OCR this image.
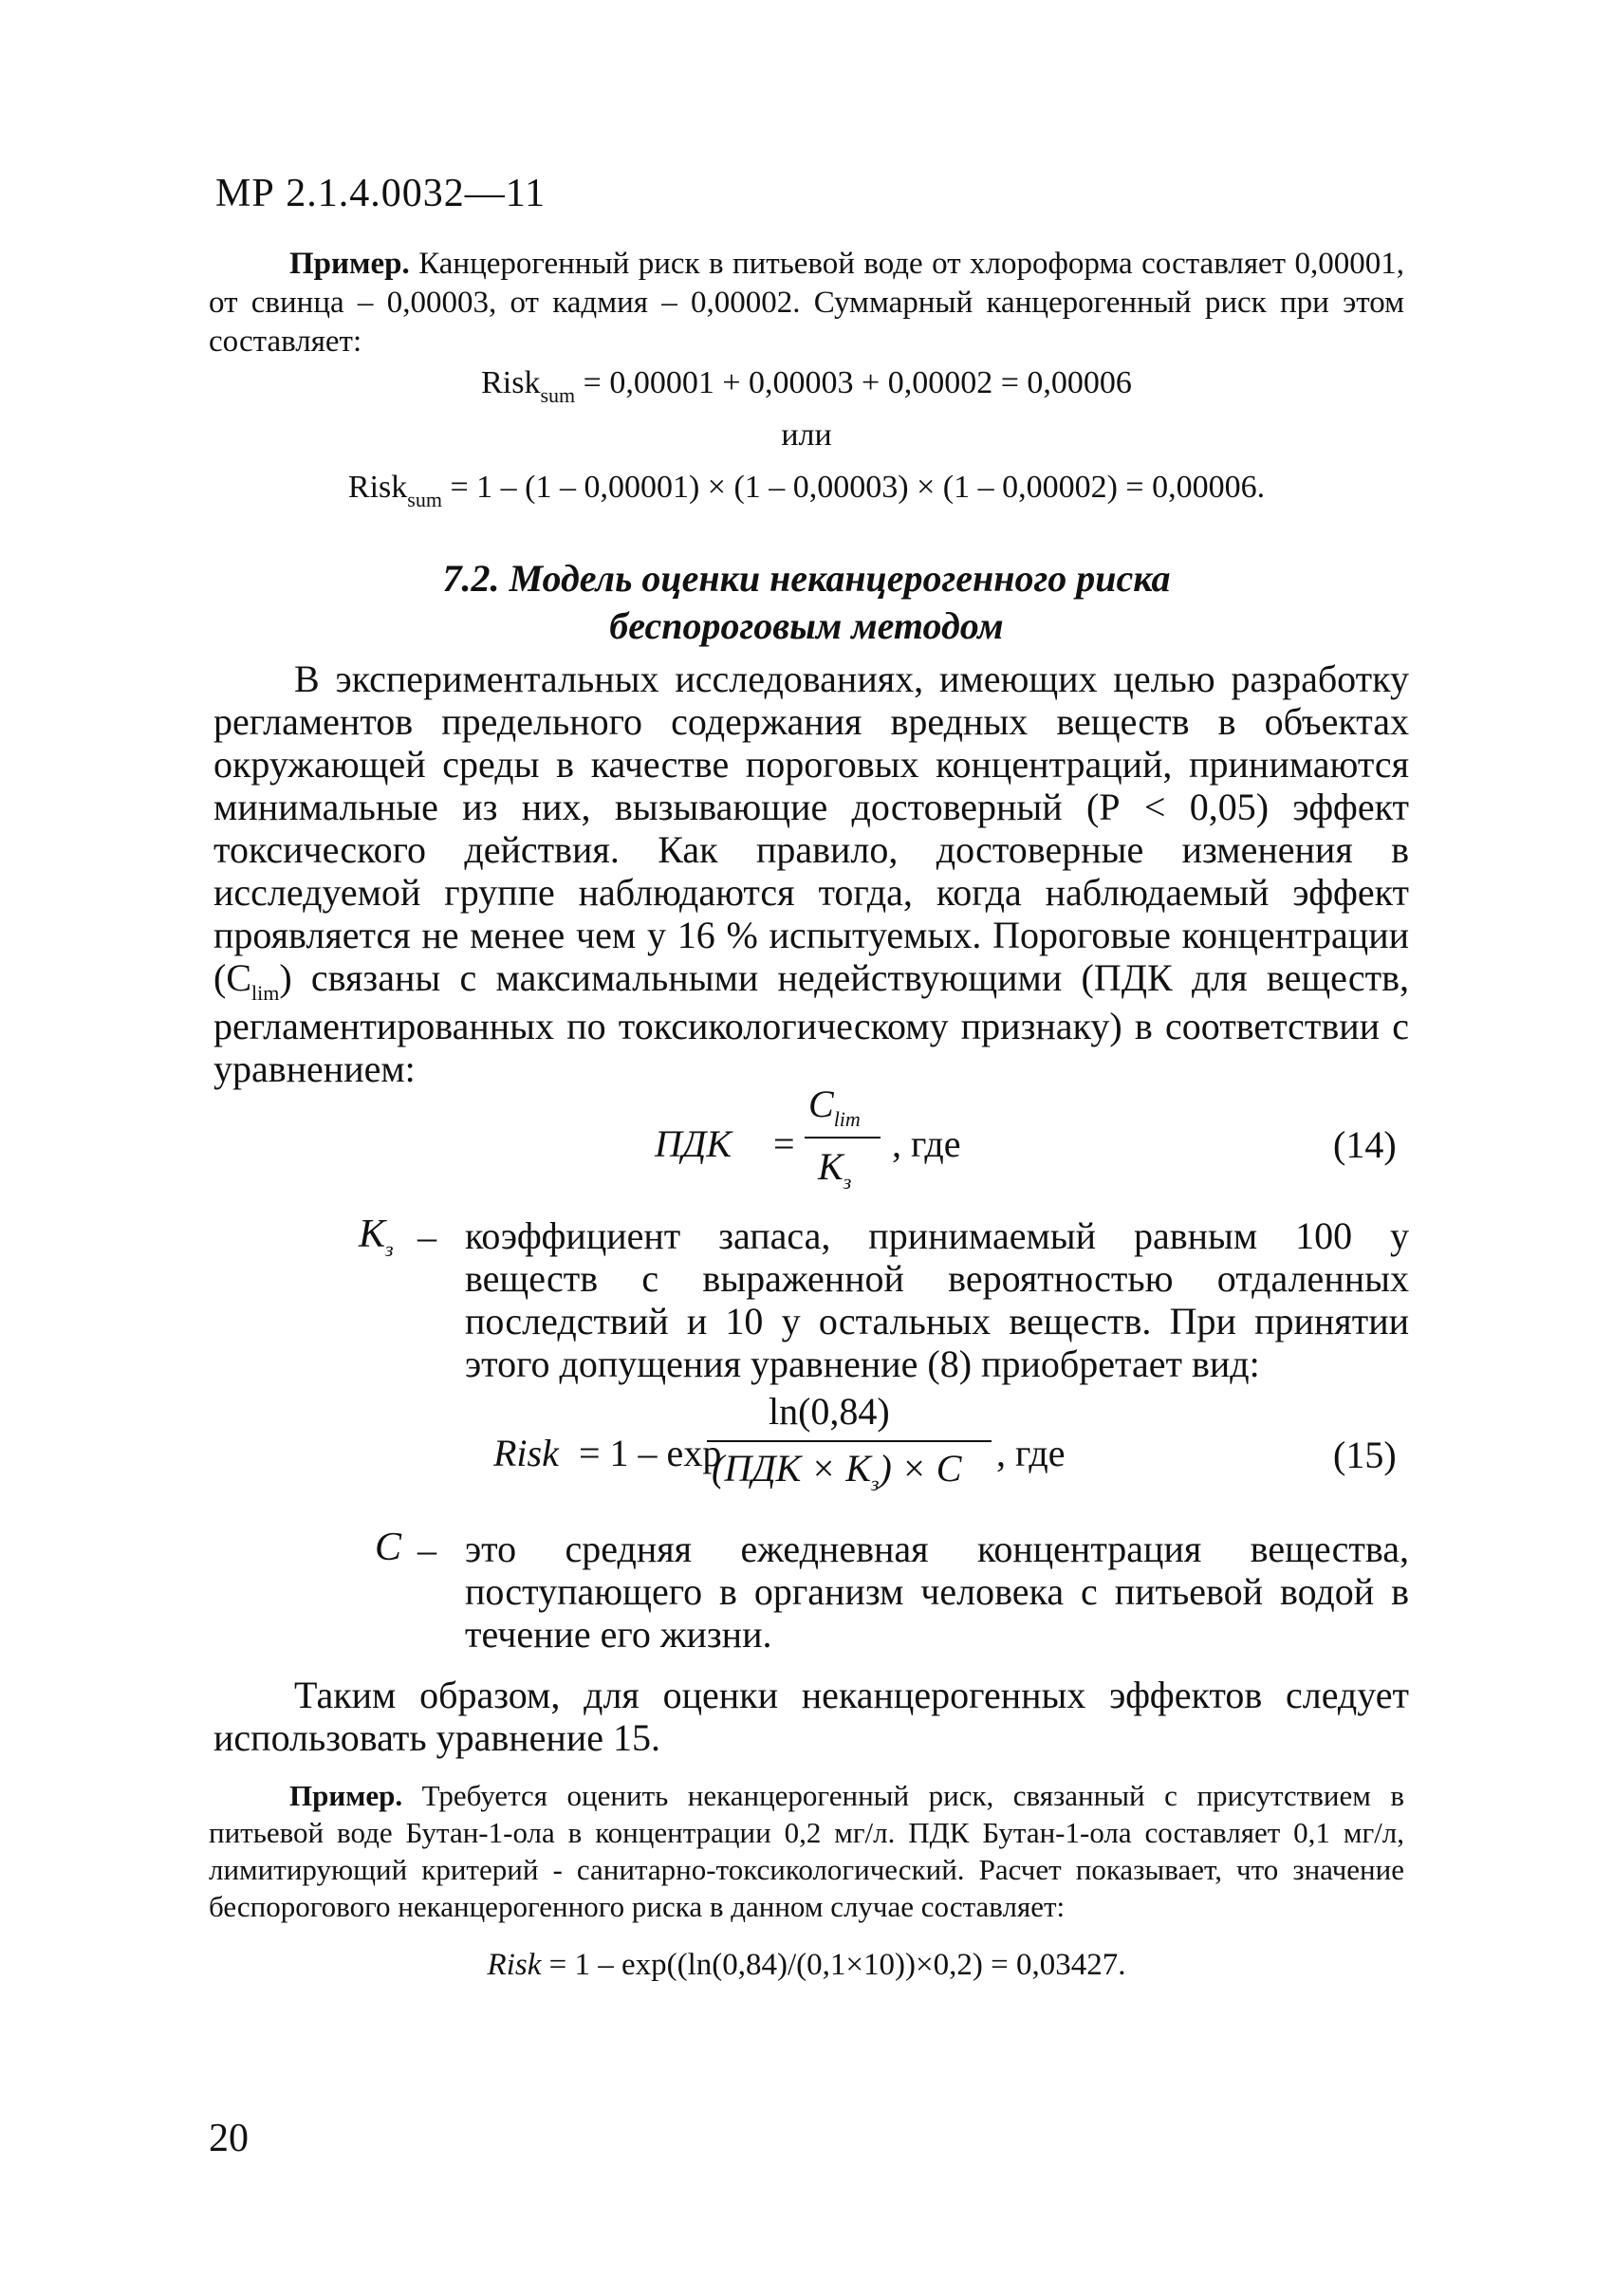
МР 2.1.4.0032—11
Пример. Канцерогенный риск в питьевой воде от хлороформа составляет 0,00001, от свинца – 0,00003, от кадмия – 0,00002. Суммарный канцерогенный риск при этом составляет:
Risk$_{sum}$ = 0,00001 + 0,00003 + 0,00002 = 0,00006
или
Risk$_{sum}$ = 1 – (1 – 0,00001) × (1 – 0,00003) × (1 – 0,00002) = 0,00006.
7.2. Модель оценки неканцерогенного риска
беспороговым методом
В экспериментальных исследованиях, имеющих целью разработку регламентов предельного содержания вредных веществ в объектах окружающей среды в качестве пороговых концентраций, принимаются минимальные из них, вызывающие достоверный (Р < 0,05) эффект токсического действия. Как правило, достоверные изменения в исследуемой группе наблюдаются тогда, когда наблюдаемый эффект проявляется не менее чем у 16 % испытуемых. Пороговые концентрации $(С_{lim})$ связаны с максимальными недействующими (ПДК для веществ, регламентированных по токсикологическому признаку) в соответствии с уравнением:
ПДК =
$C_{lim}$
$K_з$
, где	(14)
$K_з$ – коэффициент запаса, принимаемый равным 100 у веществ с выраженной вероятностью отдаленных последствий и 10 у остальных веществ. При принятии этого допущения уравнение (8) приобретает вид:
Risk = 1 – exp
ln(0,84)
$(ПДК \times K_з) \times C$ , где	(15)
С – это средняя ежедневная концентрация вещества, поступающего в организм человека с питьевой водой в течение его жизни.
Таким образом, для оценки неканцерогенных эффектов следует использовать уравнение 15.
Пример. Требуется оценить неканцерогенный риск, связанный с присутствием в питьевой воде Бутан-1-ола в концентрации 0,2 мг/л. ПДК Бутан-1-ола составляет 0,1 мг/л, лимитирующий критерий - санитарно-токсикологический. Расчет показывает, что значение беспорогового неканцерогенного риска в данном случае составляет:
Risk = 1 – exp((ln(0,84)/(0,1×10))×0,2) = 0,03427.
20
